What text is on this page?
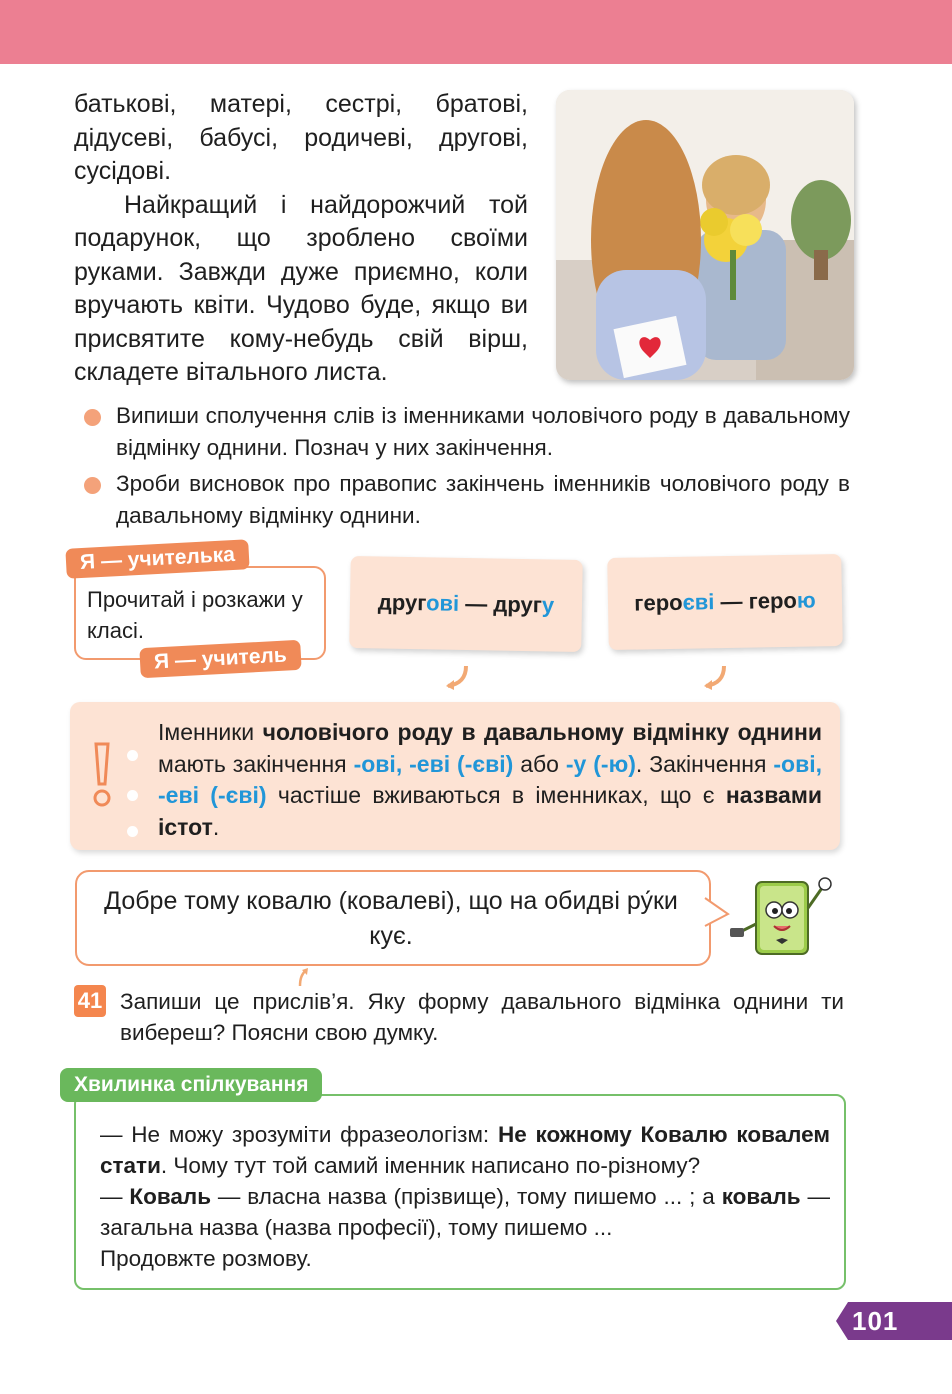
батькові, матері, сестрі, братові, дідусеві, бабусі, родичеві, другові, сусідові.

Найкращий і найдорожчий той подарунок, що зроблено своїми руками. Завжди дуже приємно, коли вручають квіти. Чудово буде, якщо ви присвятите кому-небудь свій вірш, складете вітального листа.

Випиши сполучення слів із іменниками чоловічого роду в давальному відмінку однини. Познач у них закінчення.
Зроби висновок про правопис закінчень іменників чоловічого роду в давальному відмінку однини.
Прочитай і розкажи у класі.
Я — учителька
Я — учитель
другові — другу	героєві — герою
Іменники чоловічого роду в давальному відмінку однини мають закінчення -ові, -еві (-єві) або -у (-ю). Закінчення -ові, -еві (-єві) частіше вживаються в іменниках, що є назвами істот.
Добре тому ковалю (ковалеві), що на обидві ру́ки кує.
41 Запиши це прислів’я. Яку форму давального відмінка однини ти вибереш? Поясни свою думку.
Хвилинка спілкування

— Не можу зрозуміти фразеологізм: Не кожному Ковалю ковалем стати. Чому тут той самий іменник написано по-різному?

— Коваль — власна назва (прізвище), тому пишемо ... ; а коваль — загальна назва (назва професії), тому пишемо ...

Продовжте розмову.

101
